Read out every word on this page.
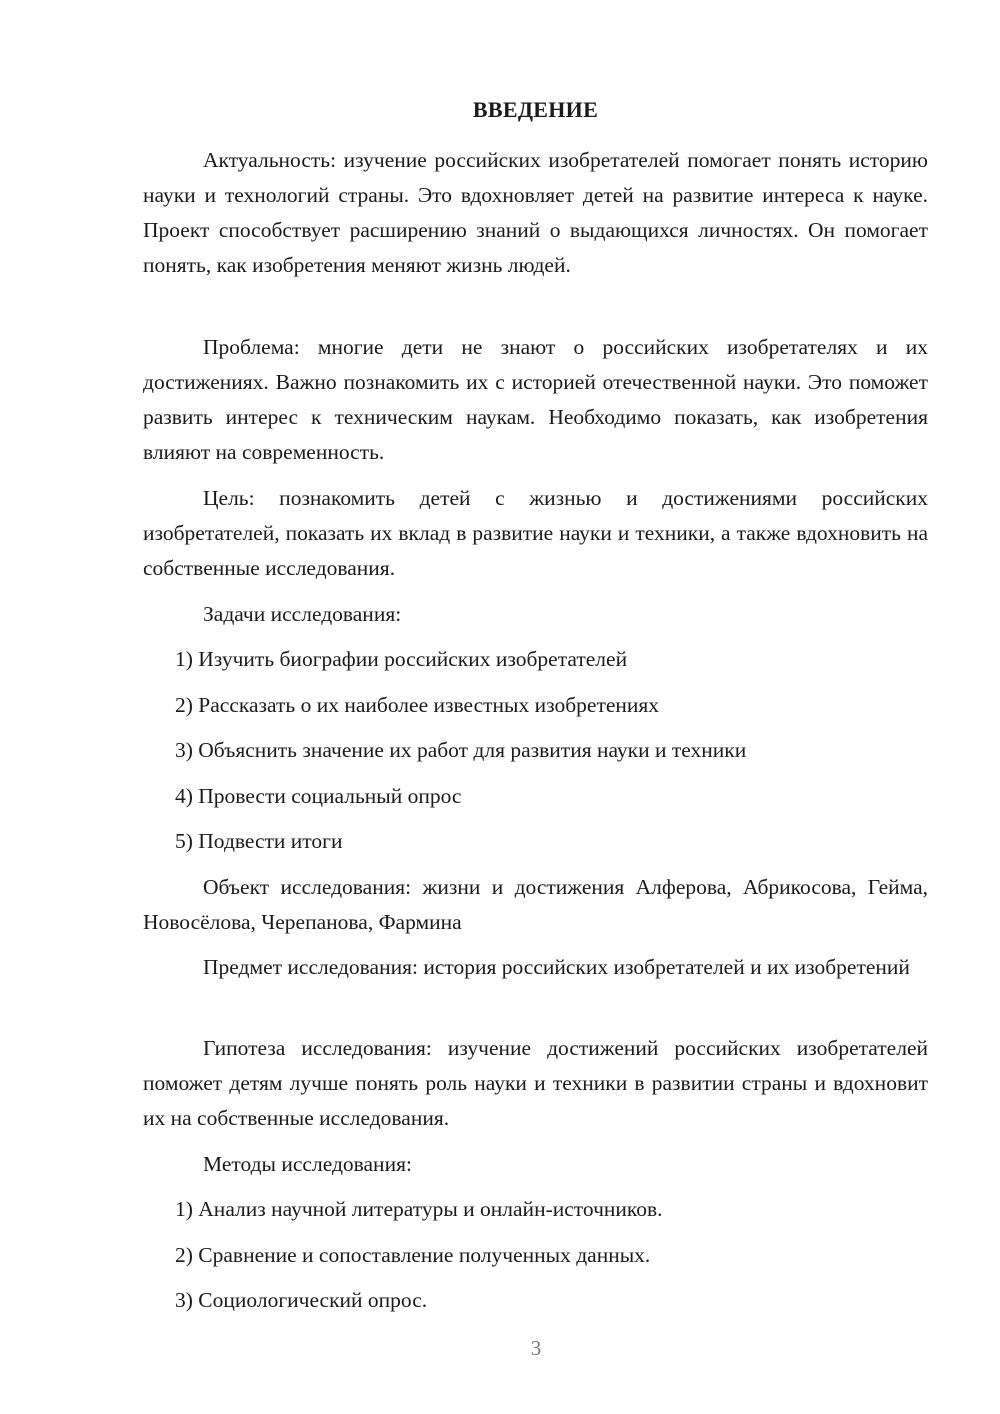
ВВЕДЕНИЕ

Актуальность: изучение российских изобретателей помогает понять историю науки и технологий страны. Это вдохновляет детей на развитие интереса к науке. Проект способствует расширению знаний о выдающихся личностях. Он помогает понять, как изобретения меняют жизнь людей.

Проблема: многие дети не знают о российских изобретателях и их достижениях. Важно познакомить их с историей отечественной науки. Это поможет развить интерес к техническим наукам. Необходимо показать, как изобретения влияют на современность.

Цель: познакомить детей с жизнью и достижениями российских изобретателей, показать их вклад в развитие науки и техники, а также вдохновить на собственные исследования.

Задачи исследования:
1) Изучить биографии российских изобретателей
2) Рассказать о их наиболее известных изобретениях
3) Объяснить значение их работ для развития науки и техники
4) Провести социальный опрос
5) Подвести итоги

Объект исследования: жизни и достижения Алферова, Абрикосова, Гейма, Новосёлова, Черепанова, Фармина

Предмет исследования: история российских изобретателей и их изобретений

Гипотеза исследования: изучение достижений российских изобретателей поможет детям лучше понять роль науки и техники в развитии страны и вдохновит их на собственные исследования.

Методы исследования:
1) Анализ научной литературы и онлайн-источников.
2) Сравнение и сопоставление полученных данных.
3) Социологический опрос.
3
